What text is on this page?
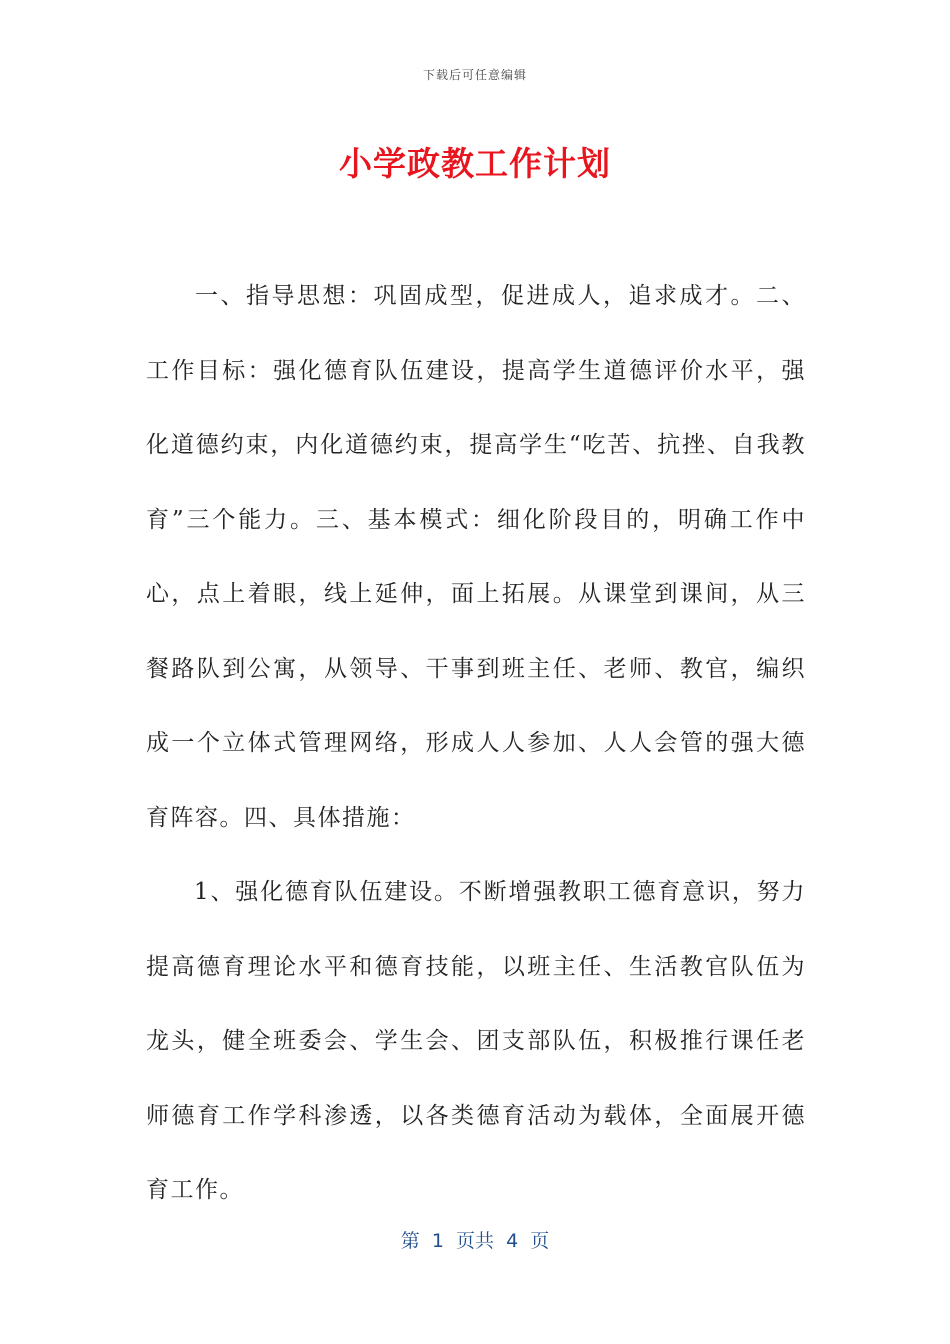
下载后可任意编辑
小学政教工作计划

一、指导思想：巩固成型，促进成人，追求成才。二、工作目标：强化德育队伍建设，提高学生道德评价水平，强化道德约束，内化道德约束，提高学生“吃苦、抗挫、自我教育”三个能力。三、基本模式：细化阶段目的，明确工作中心，点上着眼，线上延伸，面上拓展。从课堂到课间，从三餐路队到公寓，从领导、干事到班主任、老师、教官，编织成一个立体式管理网络，形成人人参加、人人会管的强大德育阵容。四、具体措施：

1、强化德育队伍建设。不断增强教职工德育意识，努力提高德育理论水平和德育技能，以班主任、生活教官队伍为龙头，健全班委会、学生会、团支部队伍，积极推行课任老师德育工作学科渗透，以各类德育活动为载体，全面展开德育工作。

第  1  页共  4  页
